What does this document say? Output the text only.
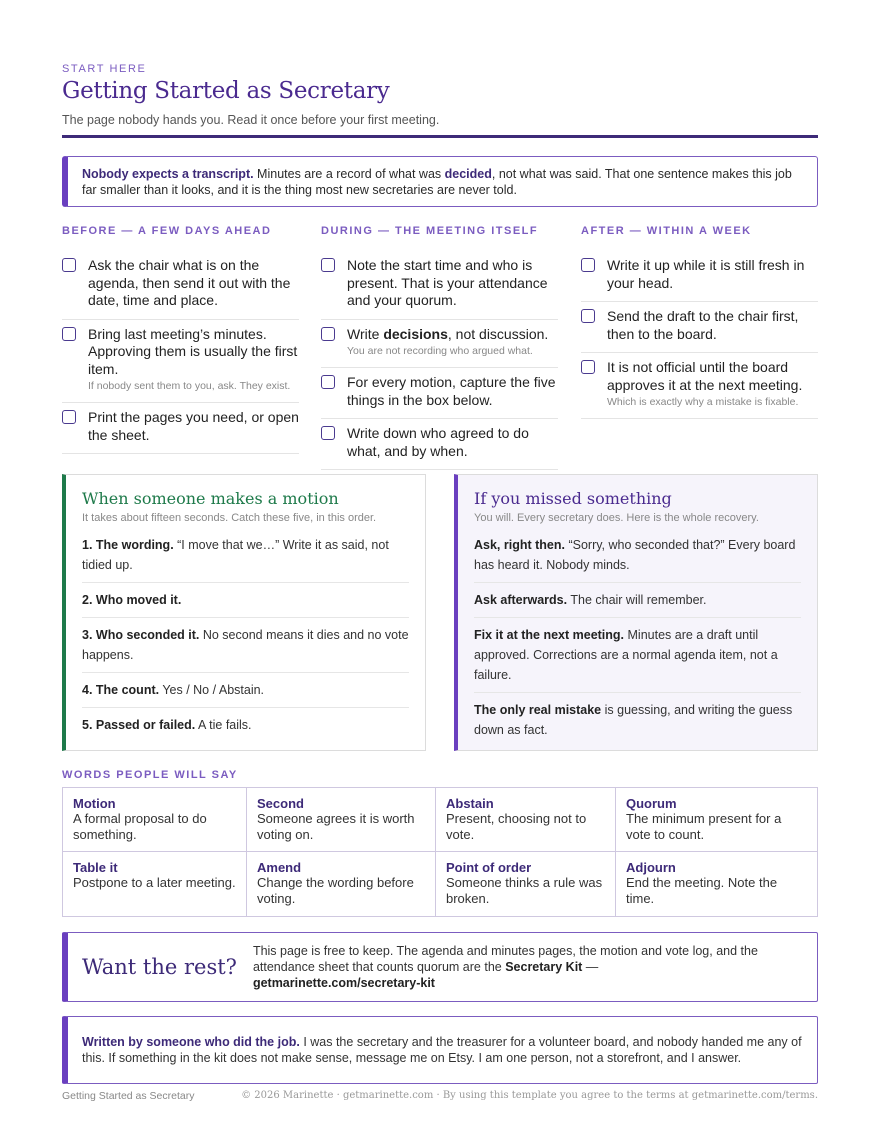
START HERE
Getting Started as Secretary
The page nobody hands you. Read it once before your first meeting.
Nobody expects a transcript. Minutes are a record of what was decided, not what was said. That one sentence makes this job far smaller than it looks, and it is the thing most new secretaries are never told.
BEFORE — A FEW DAYS AHEAD
Ask the chair what is on the agenda, then send it out with the date, time and place.
Bring last meeting’s minutes. Approving them is usually the first item.
If nobody sent them to you, ask. They exist.
Print the pages you need, or open the sheet.
DURING — THE MEETING ITSELF
Note the start time and who is present. That is your attendance and your quorum.
Write decisions, not discussion.
You are not recording who argued what.
For every motion, capture the five things in the box below.
Write down who agreed to do what, and by when.
AFTER — WITHIN A WEEK
Write it up while it is still fresh in your head.
Send the draft to the chair first, then to the board.
It is not official until the board approves it at the next meeting.
Which is exactly why a mistake is fixable.
When someone makes a motion
It takes about fifteen seconds. Catch these five, in this order.
1. The wording. “I move that we…” Write it as said, not tidied up.
2. Who moved it.
3. Who seconded it. No second means it dies and no vote happens.
4. The count. Yes / No / Abstain.
5. Passed or failed. A tie fails.
If you missed something
You will. Every secretary does. Here is the whole recovery.
Ask, right then. “Sorry, who seconded that?” Every board has heard it. Nobody minds.
Ask afterwards. The chair will remember.
Fix it at the next meeting. Minutes are a draft until approved. Corrections are a normal agenda item, not a failure.
The only real mistake is guessing, and writing the guess down as fact.
WORDS PEOPLE WILL SAY
Motion
A formal proposal to do something.
Second
Someone agrees it is worth voting on.
Abstain
Present, choosing not to vote.
Quorum
The minimum present for a vote to count.
Table it
Postpone to a later meeting.
Amend
Change the wording before voting.
Point of order
Someone thinks a rule was broken.
Adjourn
End the meeting. Note the time.
Want the rest?
This page is free to keep. The agenda and minutes pages, the motion and vote log, and the attendance sheet that counts quorum are the Secretary Kit —
getmarinette.com/secretary-kit
Written by someone who did the job. I was the secretary and the treasurer for a volunteer board, and nobody handed me any of this. If something in the kit does not make sense, message me on Etsy. I am one person, not a storefront, and I answer.
Getting Started as Secretary	© 2026 Marinette · getmarinette.com · By using this template you agree to the terms at getmarinette.com/terms.
